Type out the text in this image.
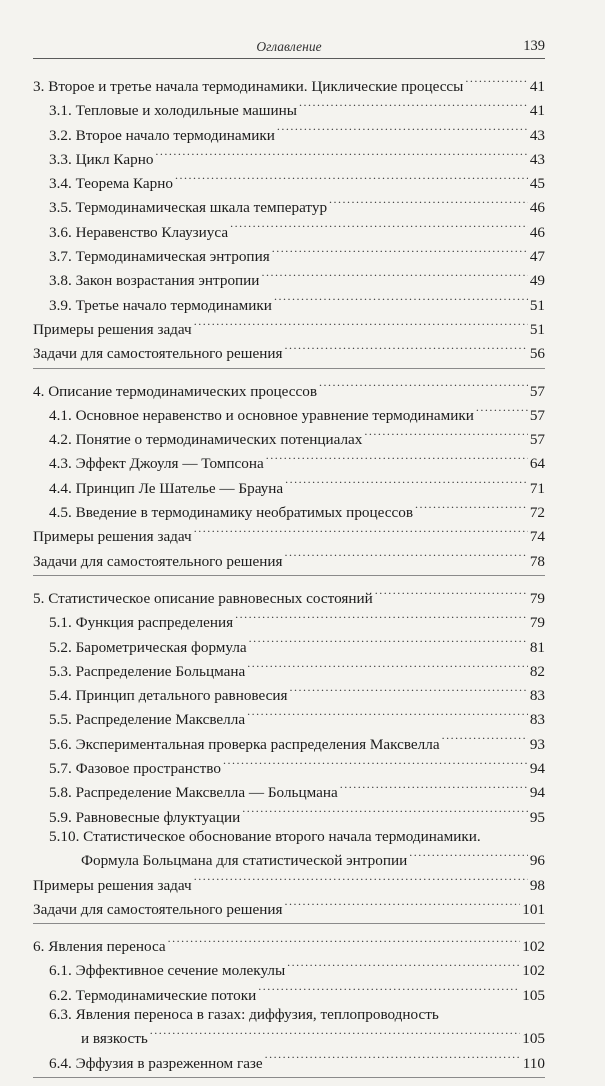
Оглавление	139
3. Второе и третье начала термодинамики. Циклические процессы .....	41
3.1. Тепловые и холодильные машины .....	41
3.2. Второе начало термодинамики .....	43
3.3. Цикл Карно .....	43
3.4. Теорема Карно .....	45
3.5. Термодинамическая шкала температур .....	46
3.6. Неравенство Клаузиуса .....	46
3.7. Термодинамическая энтропия .....	47
3.8. Закон возрастания энтропии .....	49
3.9. Третье начало термодинамики .....	51
Примеры решения задач .....	51
Задачи для самостоятельного решения .....	56
4. Описание термодинамических процессов .....	57
4.1. Основное неравенство и основное уравнение термодинамики .....	57
4.2. Понятие о термодинамических потенциалах .....	57
4.3. Эффект Джоуля — Томпсона .....	64
4.4. Принцип Ле Шателье — Брауна .....	71
4.5. Введение в термодинамику необратимых процессов .....	72
Примеры решения задач .....	74
Задачи для самостоятельного решения .....	78
5. Статистическое описание равновесных состояний .....	79
5.1. Функция распределения .....	79
5.2. Барометрическая формула .....	81
5.3. Распределение Больцмана .....	82
5.4. Принцип детального равновесия .....	83
5.5. Распределение Максвелла .....	83
5.6. Экспериментальная проверка распределения Максвелла .....	93
5.7. Фазовое пространство .....	94
5.8. Распределение Максвелла — Больцмана .....	94
5.9. Равновесные флуктуации .....	95
5.10. Статистическое обоснование второго начала термодинамики.
Формула Больцмана для статистической энтропии .....	96
Примеры решения задач .....	98
Задачи для самостоятельного решения .....	101
6. Явления переноса .....	102
6.1. Эффективное сечение молекулы .....	102
6.2. Термодинамические потоки .....	105
6.3. Явления переноса в газах: диффузия, теплопроводность
и вязкость .....	105
6.4. Эффузия в разреженном газе .....	110
